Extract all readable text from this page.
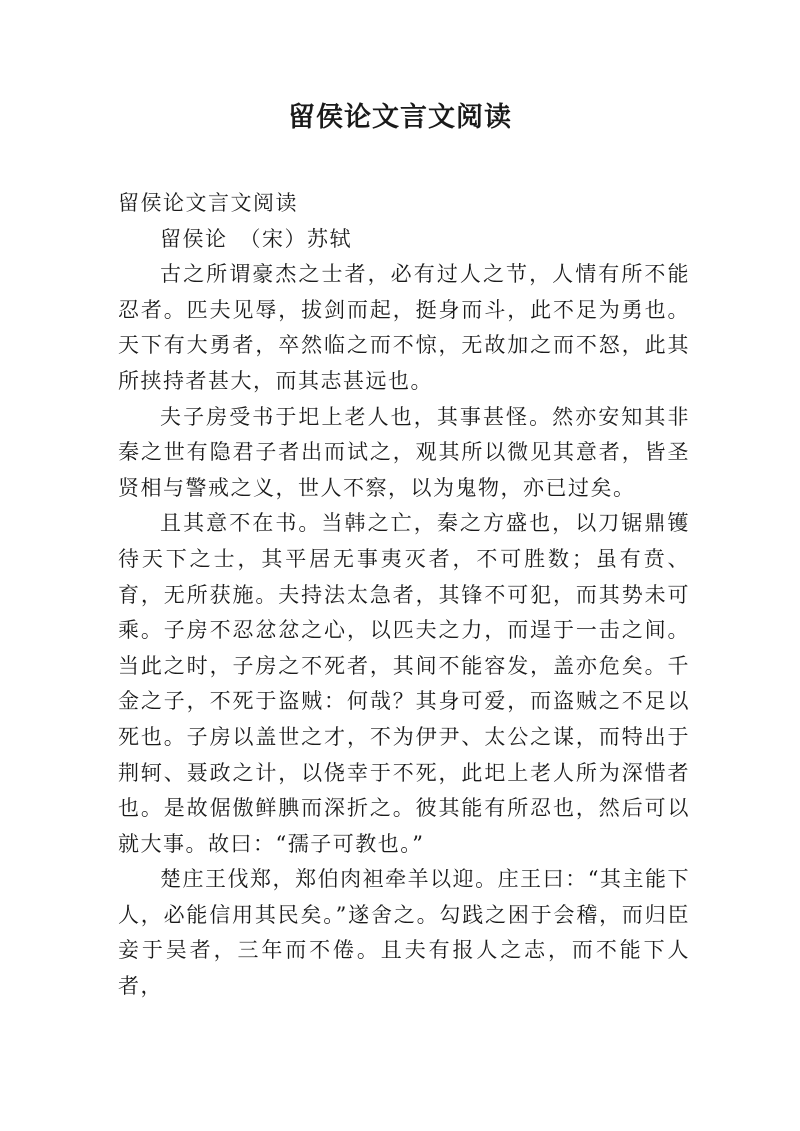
留侯论文言文阅读

留侯论文言文阅读

留侯论　（宋）苏轼

古之所谓豪杰之士者，必有过人之节，人情有所不能忍者。匹夫见辱，拔剑而起，挺身而斗，此不足为勇也。天下有大勇者，卒然临之而不惊，无故加之而不怒，此其所挟持者甚大，而其志甚远也。

夫子房受书于圯上老人也，其事甚怪。然亦安知其非秦之世有隐君子者出而试之，观其所以微见其意者，皆圣贤相与警戒之义，世人不察，以为鬼物，亦已过矣。

且其意不在书。当韩之亡，秦之方盛也，以刀锯鼎镬待天下之士，其平居无事夷灭者，不可胜数；虽有贲、育，无所获施。夫持法太急者，其锋不可犯，而其势未可乘。子房不忍忿忿之心，以匹夫之力，而逞于一击之间。当此之时，子房之不死者，其间不能容发，盖亦危矣。千金之子，不死于盗贼：何哉？其身可爱，而盗贼之不足以死也。子房以盖世之才，不为伊尹、太公之谋，而特出于荆轲、聂政之计，以侥幸于不死，此圯上老人所为深惜者也。是故倨傲鲜腆而深折之。彼其能有所忍也，然后可以就大事。故曰：“孺子可教也。”

楚庄王伐郑，郑伯肉袒牵羊以迎。庄王曰：“其主能下人，必能信用其民矣。”遂舍之。勾践之困于会稽，而归臣妾于吴者，三年而不倦。且夫有报人之志，而不能下人者，
